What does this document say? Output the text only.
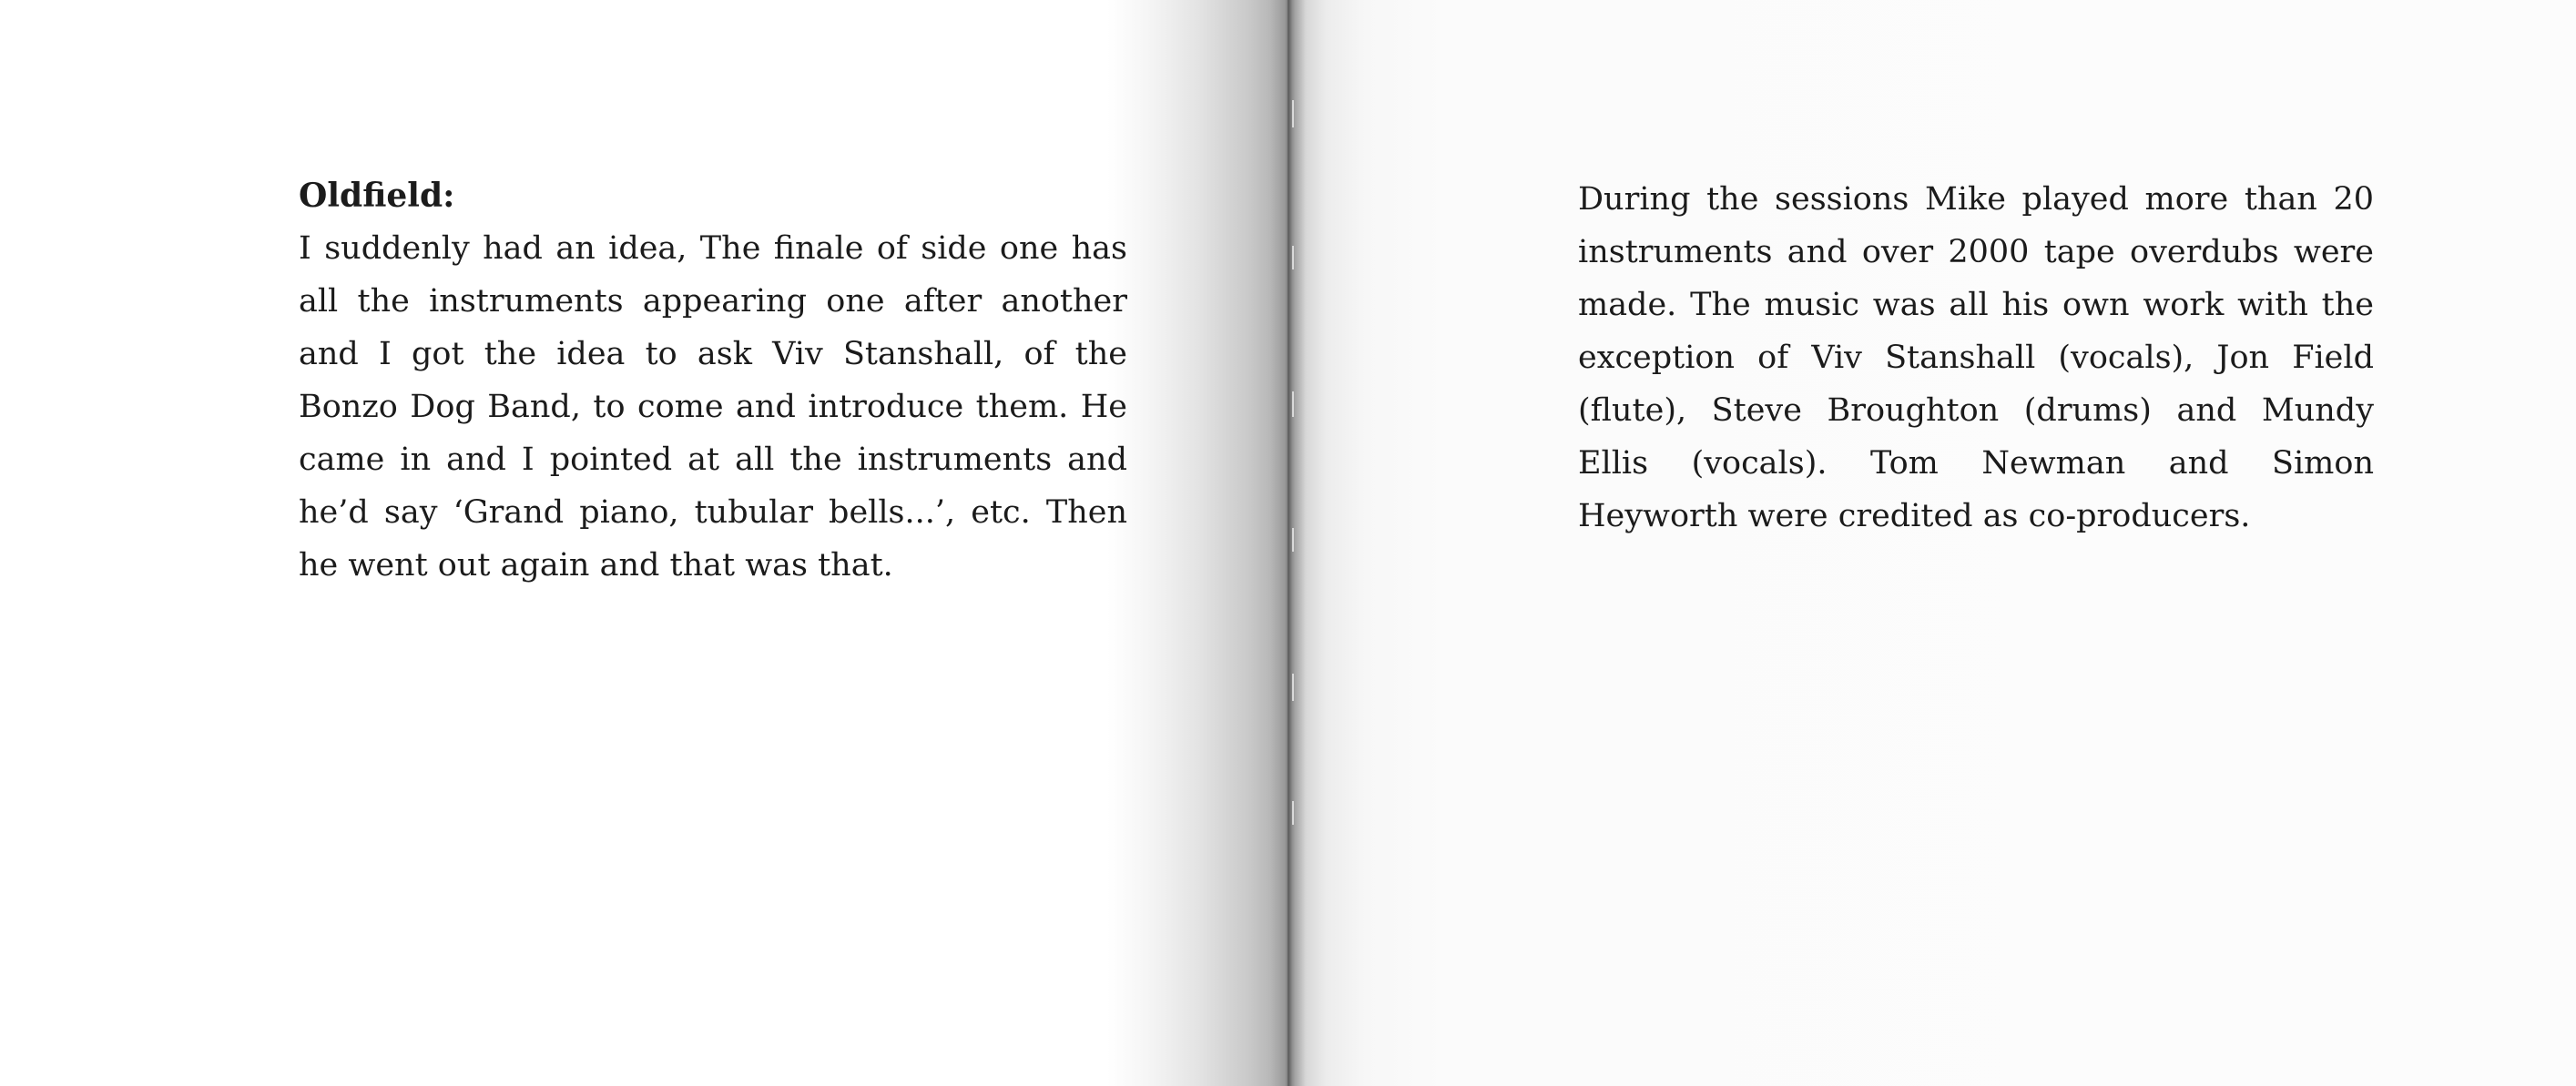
Oldfield:

I suddenly had an idea, The finale of side one has all the instruments appearing one after another and I got the idea to ask Viv Stanshall, of the Bonzo Dog Band, to come and introduce them. He came in and I pointed at all the instruments and he’d say ‘Grand piano, tubular bells...’, etc. Then he went out again and that was that.

During the sessions Mike played more than 20 instruments and over 2000 tape overdubs were made. The music was all his own work with the exception of Viv Stanshall (vocals), Jon Field (flute), Steve Broughton (drums) and Mundy Ellis (vocals). Tom Newman and Simon Heyworth were credited as co-producers.
